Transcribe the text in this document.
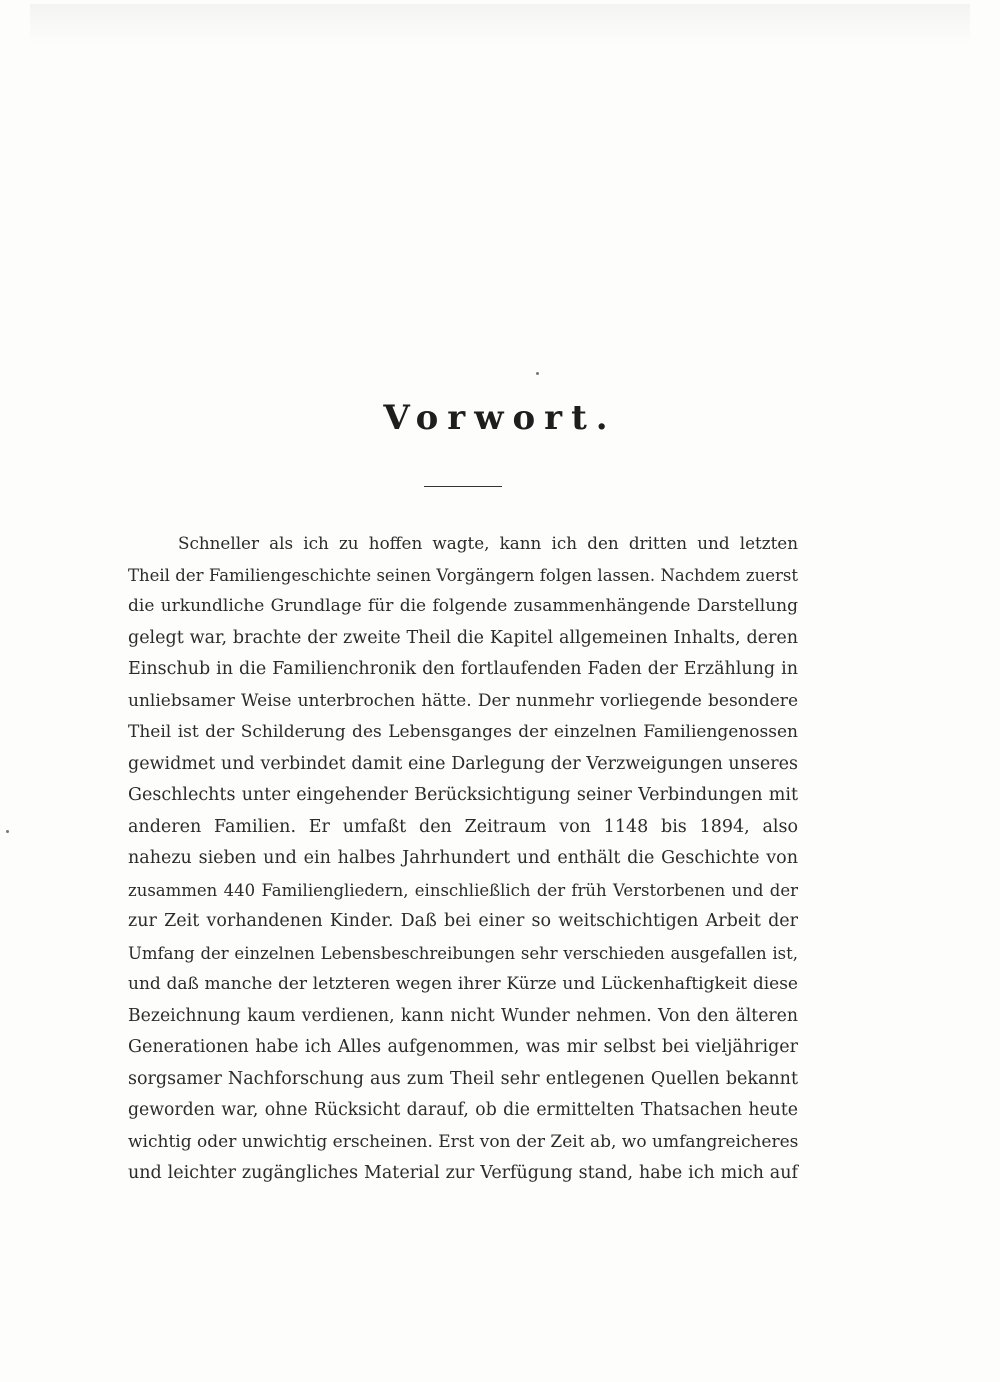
Vorwort.
Schneller als ich zu hoffen wagte, kann ich den dritten und letzten
Theil der Familiengeschichte seinen Vorgängern folgen lassen. Nachdem zuerst
die urkundliche Grundlage für die folgende zusammenhängende Darstellung
gelegt war, brachte der zweite Theil die Kapitel allgemeinen Inhalts, deren
Einschub in die Familienchronik den fortlaufenden Faden der Erzählung in
unliebsamer Weise unterbrochen hätte. Der nunmehr vorliegende besondere
Theil ist der Schilderung des Lebensganges der einzelnen Familiengenossen
gewidmet und verbindet damit eine Darlegung der Verzweigungen unseres
Geschlechts unter eingehender Berücksichtigung seiner Verbindungen mit
anderen Familien. Er umfaßt den Zeitraum von 1148 bis 1894, also
nahezu sieben und ein halbes Jahrhundert und enthält die Geschichte von
zusammen 440 Familiengliedern, einschließlich der früh Verstorbenen und der
zur Zeit vorhandenen Kinder. Daß bei einer so weitschichtigen Arbeit der
Umfang der einzelnen Lebensbeschreibungen sehr verschieden ausgefallen ist,
und daß manche der letzteren wegen ihrer Kürze und Lückenhaftigkeit diese
Bezeichnung kaum verdienen, kann nicht Wunder nehmen. Von den älteren
Generationen habe ich Alles aufgenommen, was mir selbst bei vieljähriger
sorgsamer Nachforschung aus zum Theil sehr entlegenen Quellen bekannt
geworden war, ohne Rücksicht darauf, ob die ermittelten Thatsachen heute
wichtig oder unwichtig erscheinen. Erst von der Zeit ab, wo umfangreicheres
und leichter zugängliches Material zur Verfügung stand, habe ich mich auf
